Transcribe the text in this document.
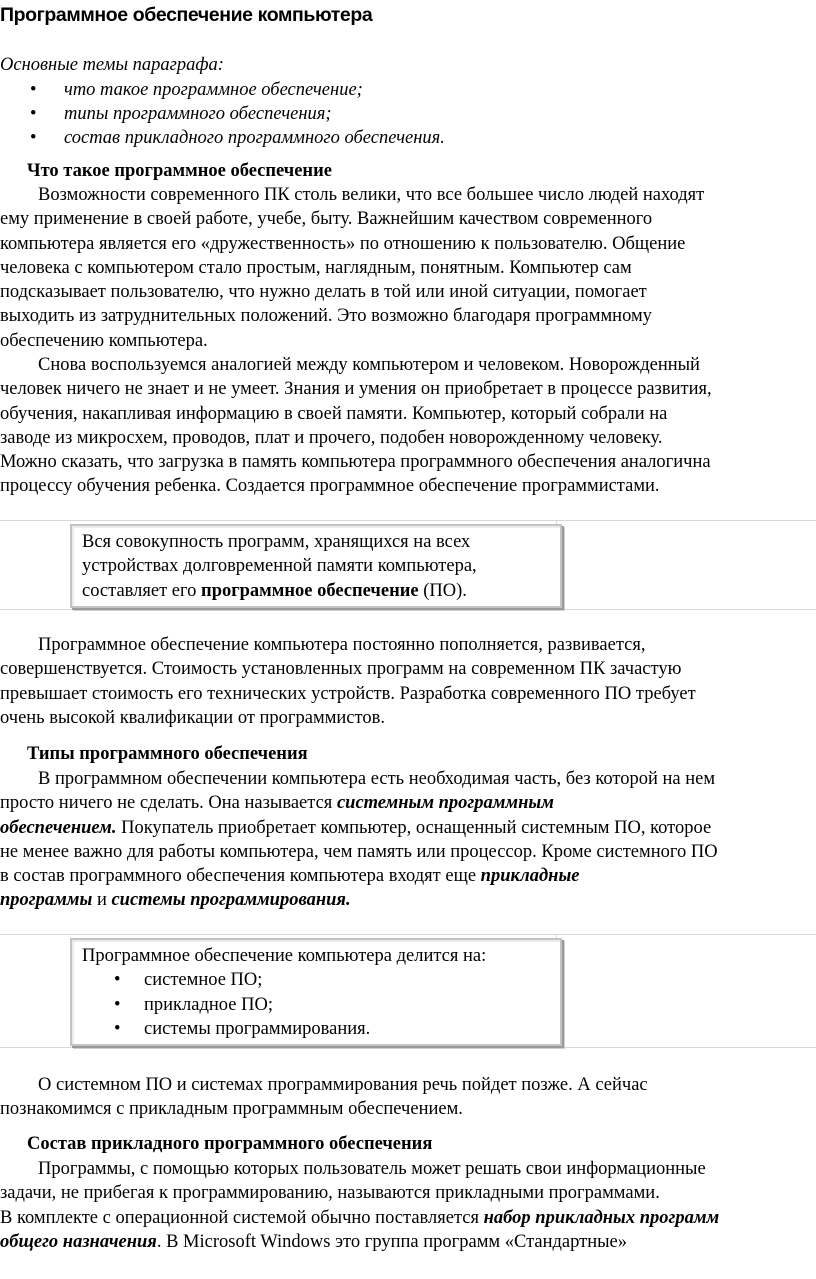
Программное обеспечение компьютера
Основные темы параграфа:
• что такое программное обеспечение;
• типы программного обеспечения;
• состав прикладного программного обеспечения.
Что такое программное обеспечение
Возможности современного ПК столь велики, что все большее число людей находят
ему применение в своей работе, учебе, быту. Важнейшим качеством современного
компьютера является его «дружественность» по отношению к пользователю. Общение
человека с компьютером стало простым, наглядным, понятным. Компьютер сам
подсказывает пользователю, что нужно делать в той или иной ситуации, помогает
выходить из затруднительных положений. Это возможно благодаря программному
обеспечению компьютера.
Снова воспользуемся аналогией между компьютером и человеком. Новорожденный
человек ничего не знает и не умеет. Знания и умения он приобретает в процессе развития,
обучения, накапливая информацию в своей памяти. Компьютер, который собрали на
заводе из микросхем, проводов, плат и прочего, подобен новорожденному человеку.
Можно сказать, что загрузка в память компьютера программного обеспечения аналогична
процессу обучения ребенка. Создается программное обеспечение программистами.
Вся совокупность программ, хранящихся на всех
устройствах долговременной памяти компьютера,
составляет его программное обеспечение (ПО).
Программное обеспечение компьютера постоянно пополняется, развивается,
совершенствуется. Стоимость установленных программ на современном ПК зачастую
превышает стоимость его технических устройств. Разработка современного ПО требует
очень высокой квалификации от программистов.
Типы программного обеспечения
В программном обеспечении компьютера есть необходимая часть, без которой на нем
просто ничего не сделать. Она называется системным программным
обеспечением. Покупатель приобретает компьютер, оснащенный системным ПО, которое
не менее важно для работы компьютера, чем память или процессор. Кроме системного ПО
в состав программного обеспечения компьютера входят еще прикладные
программы и системы программирования.
Программное обеспечение компьютера делится на:
• системное ПО;
• прикладное ПО;
• системы программирования.
О системном ПО и системах программирования речь пойдет позже. А сейчас
познакомимся с прикладным программным обеспечением.
Состав прикладного программного обеспечения
Программы, с помощью которых пользователь может решать свои информационные
задачи, не прибегая к программированию, называются прикладными программами.
В комплекте с операционной системой обычно поставляется набор прикладных программ
общего назначения. В Microsoft Windows это группа программ «Стандартные»
